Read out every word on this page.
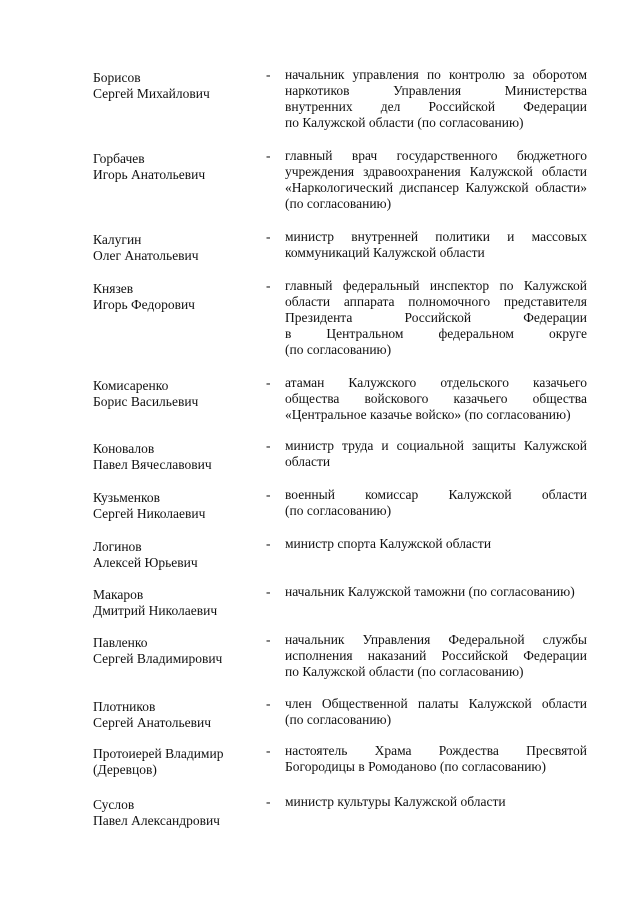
Борисов
Сергей Михайлович
-	начальник управления по контролю за оборотом
наркотиков Управления Министерства
внутренних дел Российской Федерации
по Калужской области (по согласованию)
Горбачев
Игорь Анатольевич
-	главный врач государственного бюджетного
учреждения здравоохранения Калужской области
«Наркологический диспансер Калужской области»
(по согласованию)
Калугин
Олег Анатольевич
-	министр внутренней политики и массовых
коммуникаций Калужской области
Князев
Игорь Федорович
-	главный федеральный инспектор по Калужской
области аппарата полномочного представителя
Президента Российской Федерации
в Центральном федеральном округе
(по согласованию)
Комисаренко
Борис Васильевич
-	атаман Калужского отдельского казачьего
общества войскового казачьего общества
«Центральное казачье войско» (по согласованию)
Коновалов
Павел Вячеславович
-	министр труда и социальной защиты Калужской
области
Кузьменков
Сергей Николаевич
-	военный комиссар Калужской области
(по согласованию)
Логинов
Алексей Юрьевич
-	министр спорта Калужской области
Макаров
Дмитрий Николаевич
-	начальник Калужской таможни (по согласованию)
Павленко
Сергей Владимирович
-	начальник Управления Федеральной службы
исполнения наказаний Российской Федерации
по Калужской области (по согласованию)
Плотников
Сергей Анатольевич
-	член Общественной палаты Калужской области
(по согласованию)
Протоиерей Владимир
(Деревцов)
-	настоятель Храма Рождества Пресвятой
Богородицы в Ромоданово (по согласованию)
Суслов
Павел Александрович
-	министр культуры Калужской области
